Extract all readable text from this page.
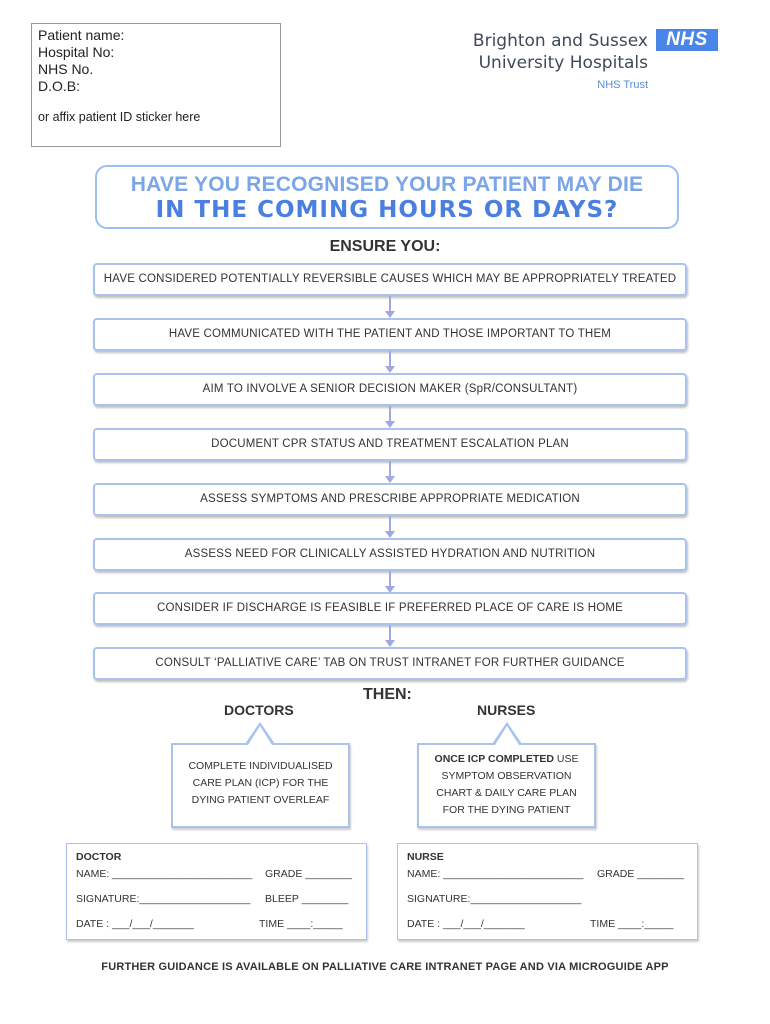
Patient name:
Hospital No:
NHS No.
D.O.B:
or affix patient ID sticker here
Brighton and Sussex
University Hospitals
NHS Trust
NHS
HAVE YOU RECOGNISED YOUR PATIENT MAY DIE
IN THE COMING HOURS OR DAYS?
ENSURE YOU:
HAVE CONSIDERED POTENTIALLY REVERSIBLE CAUSES WHICH MAY BE APPROPRIATELY TREATED
HAVE COMMUNICATED WITH THE PATIENT AND THOSE IMPORTANT TO THEM
AIM TO INVOLVE A SENIOR DECISION MAKER (SpR/CONSULTANT)
DOCUMENT CPR STATUS AND TREATMENT ESCALATION PLAN
ASSESS SYMPTOMS AND PRESCRIBE APPROPRIATE MEDICATION
ASSESS NEED FOR CLINICALLY ASSISTED HYDRATION AND NUTRITION
CONSIDER IF DISCHARGE IS FEASIBLE IF PREFERRED PLACE OF CARE IS HOME
CONSULT ‘PALLIATIVE CARE’ TAB ON TRUST INTRANET FOR FURTHER GUIDANCE
THEN:
DOCTORS	NURSES
COMPLETE INDIVIDUALISED
CARE PLAN (ICP) FOR THE
DYING PATIENT OVERLEAF
ONCE ICP COMPLETED USE
SYMPTOM OBSERVATION
CHART & DAILY CARE PLAN
FOR THE DYING PATIENT
DOCTOR
NAME: ________________________ GRADE ________
SIGNATURE:___________________ BLEEP ________
DATE : ___/___/_______	TIME ____:_____
NURSE
NAME: ________________________ GRADE ________
SIGNATURE:___________________
DATE : ___/___/_______	TIME ____:_____
FURTHER GUIDANCE IS AVAILABLE ON PALLIATIVE CARE INTRANET PAGE AND VIA MICROGUIDE APP
